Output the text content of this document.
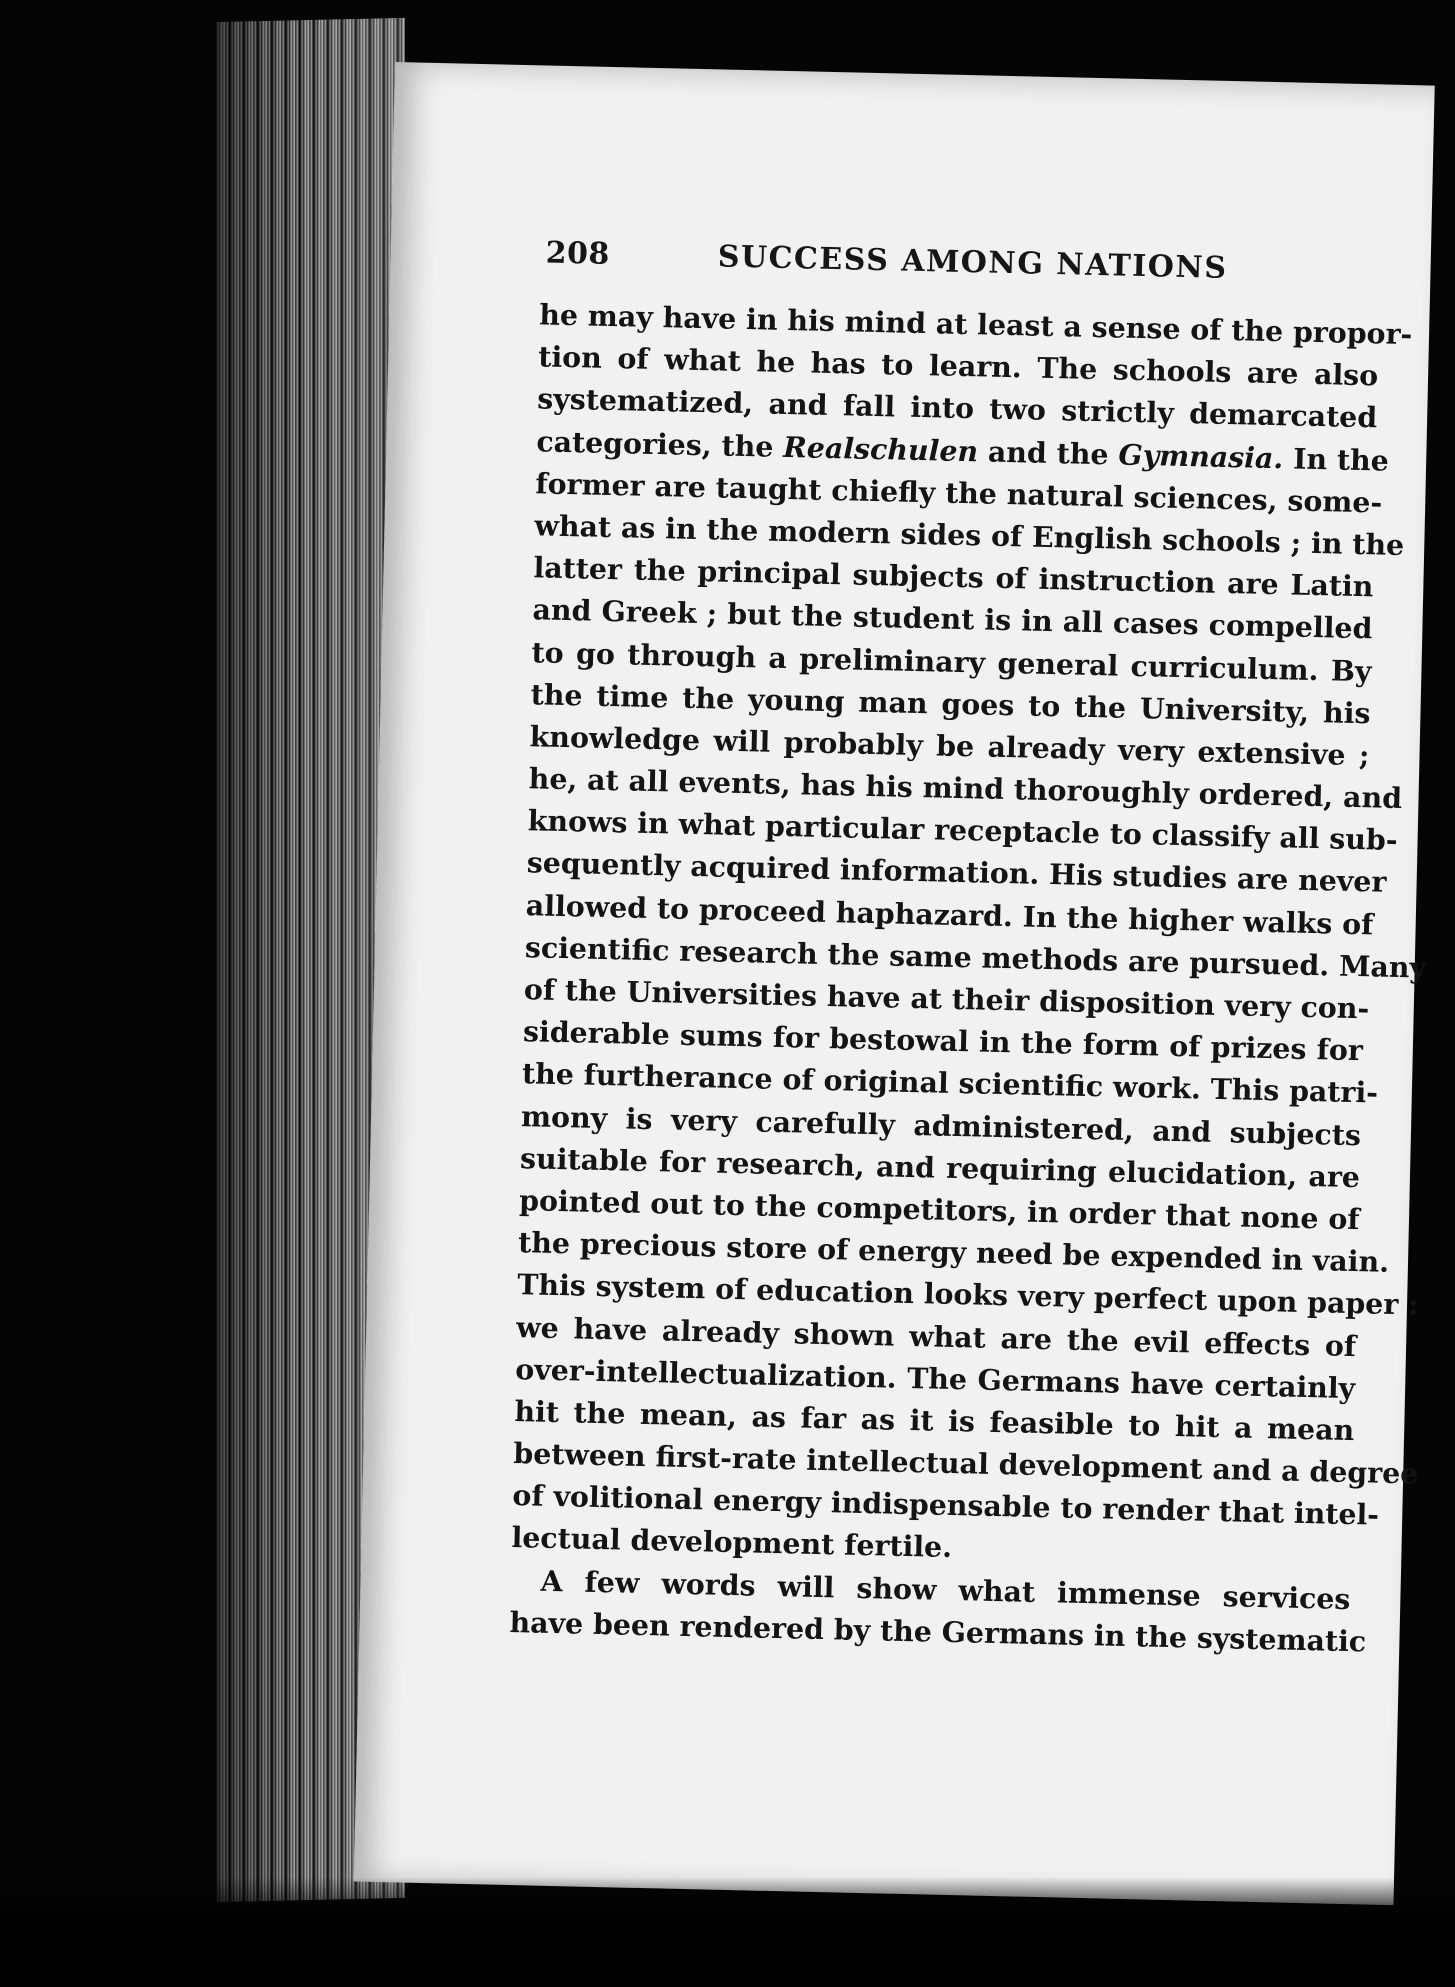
208	SUCCESS AMONG NATIONS
he may have in his mind at least a sense of the propor-
tion of what he has to learn. The schools are also
systematized, and fall into two strictly demarcated
categories, the Realschulen and the Gymnasia. In the
former are taught chiefly the natural sciences, some-
what as in the modern sides of English schools ; in the
latter the principal subjects of instruction are Latin
and Greek ; but the student is in all cases compelled
to go through a preliminary general curriculum. By
the time the young man goes to the University, his
knowledge will probably be already very extensive ;
he, at all events, has his mind thoroughly ordered, and
knows in what particular receptacle to classify all sub-
sequently acquired information. His studies are never
allowed to proceed haphazard. In the higher walks of
scientific research the same methods are pursued. Many
of the Universities have at their disposition very con-
siderable sums for bestowal in the form of prizes for
the furtherance of original scientific work. This patri-
mony is very carefully administered, and subjects
suitable for research, and requiring elucidation, are
pointed out to the competitors, in order that none of
the precious store of energy need be expended in vain.
This system of education looks very perfect upon paper :
we have already shown what are the evil effects of
over-intellectualization. The Germans have certainly
hit the mean, as far as it is feasible to hit a mean
between first-rate intellectual development and a degree
of volitional energy indispensable to render that intel-
lectual development fertile.
A few words will show what immense services
have been rendered by the Germans in the systematic
